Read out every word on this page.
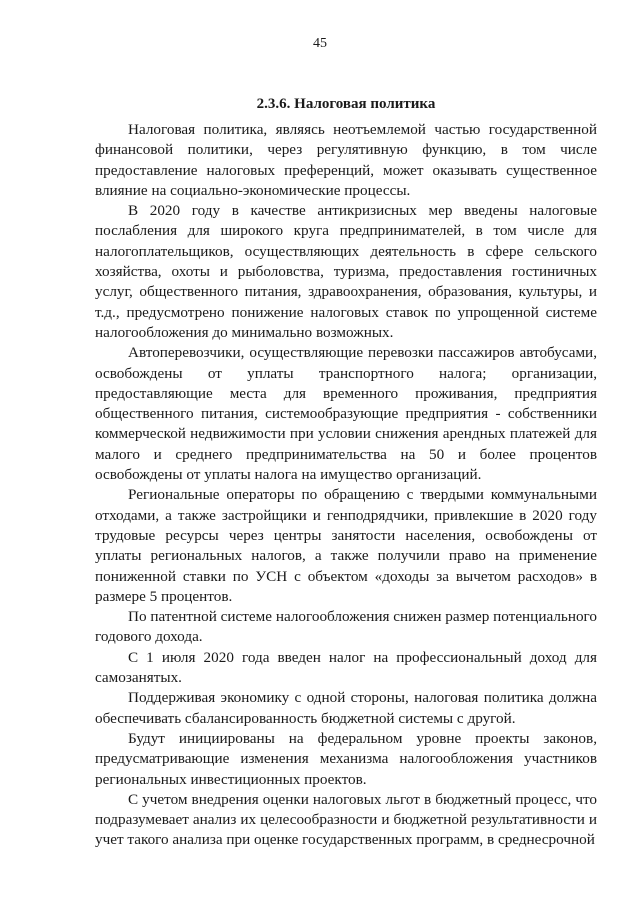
45
2.3.6. Налоговая политика

Налоговая политика, являясь неотъемлемой частью государственной финансовой политики, через регулятивную функцию, в том числе предоставление налоговых преференций, может оказывать существенное влияние на социально-экономические процессы.

В 2020 году в качестве антикризисных мер введены налоговые послабления для широкого круга предпринимателей, в том числе для налогоплательщиков, осуществляющих деятельность в сфере сельского хозяйства, охоты и рыболовства, туризма, предоставления гостиничных услуг, общественного питания, здравоохранения, образования, культуры, и т.д., предусмотрено понижение налоговых ставок по упрощенной системе налогообложения до минимально возможных.

Автоперевозчики, осуществляющие перевозки пассажиров автобусами, освобождены от уплаты транспортного налога; организации, предоставляющие места для временного проживания, предприятия общественного питания, системообразующие предприятия - собственники коммерческой недвижимости при условии снижения арендных платежей для малого и среднего предпринимательства на 50 и более процентов освобождены от уплаты налога на имущество организаций.

Региональные операторы по обращению с твердыми коммунальными отходами, а также застройщики и генподрядчики, привлекшие в 2020 году трудовые ресурсы через центры занятости населения, освобождены от уплаты региональных налогов, а также получили право на применение пониженной ставки по УСН с объектом «доходы за вычетом расходов» в размере 5 процентов.

По патентной системе налогообложения снижен размер потенциального годового дохода.

С 1 июля 2020 года введен налог на профессиональный доход для самозанятых.

Поддерживая экономику с одной стороны, налоговая политика должна обеспечивать сбалансированность бюджетной системы с другой.

Будут инициированы на федеральном уровне проекты законов, предусматривающие изменения механизма налогообложения участников региональных инвестиционных проектов.

С учетом внедрения оценки налоговых льгот в бюджетный процесс, что подразумевает анализ их целесообразности и бюджетной результативности и учет такого анализа при оценке государственных программ, в среднесрочной
